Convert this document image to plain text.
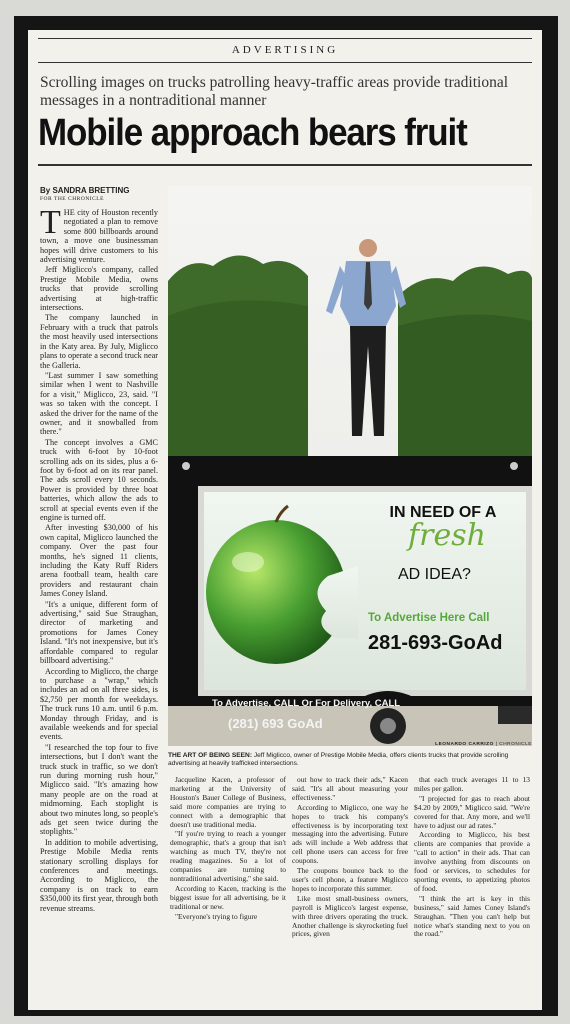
ADVERTISING
Scrolling images on trucks patrolling heavy-traffic areas provide traditional messages in a nontraditional manner
Mobile approach bears fruit
By SANDRA BRETTING
FOR THE CHRONICLE
T HE city of Houston recently negotiated a plan to remove some 800 billboards around town, a move one businessman hopes will drive customers to his advertising venture.

Jeff Miglicco's company, called Prestige Mobile Media, owns trucks that provide scrolling advertising at high-traffic intersections.

The company launched in February with a truck that patrols the most heavily used intersections in the Katy area. By July, Miglicco plans to operate a second truck near the Galleria.

"Last summer I saw something similar when I went to Nashville for a visit," Miglicco, 23, said. "I was so taken with the concept. I asked the driver for the name of the owner, and it snowballed from there."

The concept involves a GMC truck with 6-foot by 10-foot scrolling ads on its sides, plus a 6-foot by 6-foot ad on its rear panel. The ads scroll every 10 seconds. Power is provided by three boat batteries, which allow the ads to scroll at special events even if the engine is turned off.

After investing $30,000 of his own capital, Miglicco launched the company. Over the past four months, he's signed 11 clients, including the Katy Ruff Riders arena football team, health care providers and restaurant chain James Coney Island.

"It's a unique, different form of advertising," said Sue Straughan, director of marketing and promotions for James Coney Island. "It's not inexpensive, but it's affordable compared to regular billboard advertising."

According to Miglicco, the charge to purchase a "wrap," which includes an ad on all three sides, is $2,750 per month for weekdays. The truck runs 10 a.m. until 6 p.m. Monday through Friday, and is available weekends and for special events.

"I researched the top four to five intersections, but I don't want the truck stuck in traffic, so we don't run during morning rush hour," Miglicco said. "It's amazing how many people are on the road at midmorning. Each stoplight is about two minutes long, so people's ads get seen twice during the stoplights."

In addition to mobile advertising, Prestige Mobile Media rents stationary scrolling displays for conferences and meetings. According to Miglicco, the company is on track to earn $350,000 its first year, through both revenue streams.

IN NEED OF A
fresh
AD IDEA?
To Advertise Here Call
281-693-GoAd
To Advertise, CALL Or For Delivery, CALL
(281) 693 GoAd
LEONARDO CARRIZO | CHRONICLE
THE ART OF BEING SEEN: Jeff Miglicco, owner of Prestige Mobile Media, offers clients trucks that provide scrolling advertising at heavily trafficked intersections.

Jacqueline Kacen, a professor of marketing at the University of Houston's Bauer College of Business, said more companies are trying to connect with a demographic that doesn't use traditional media.

"If you're trying to reach a younger demographic, that's a group that isn't watching as much TV, they're not reading magazines. So a lot of companies are turning to nontraditional advertising," she said.

According to Kacen, tracking is the biggest issue for all advertising, be it traditional or new.

"Everyone's trying to figure

out how to track their ads," Kacen said. "It's all about measuring your effectiveness."

According to Miglicco, one way he hopes to track his company's effectiveness is by incorporating text messaging into the advertising. Future ads will include a Web address that cell phone users can access for free coupons.

The coupons bounce back to the user's cell phone, a feature Miglicco hopes to incorporate this summer.

Like most small-business owners, payroll is Miglicco's largest expense, with three drivers operating the truck. Another challenge is skyrocketing fuel prices, given

that each truck averages 11 to 13 miles per gallon.

"I projected for gas to reach about $4.20 by 2009," Miglicco said. "We're covered for that. Any more, and we'll have to adjust our ad rates."

According to Miglicco, his best clients are companies that provide a "call to action" in their ads. That can involve anything from discounts on food or services, to schedules for sporting events, to appetizing photos of food.

"I think the art is key in this business," said James Coney Island's Straughan. "Then you can't help but notice what's standing next to you on the road."
